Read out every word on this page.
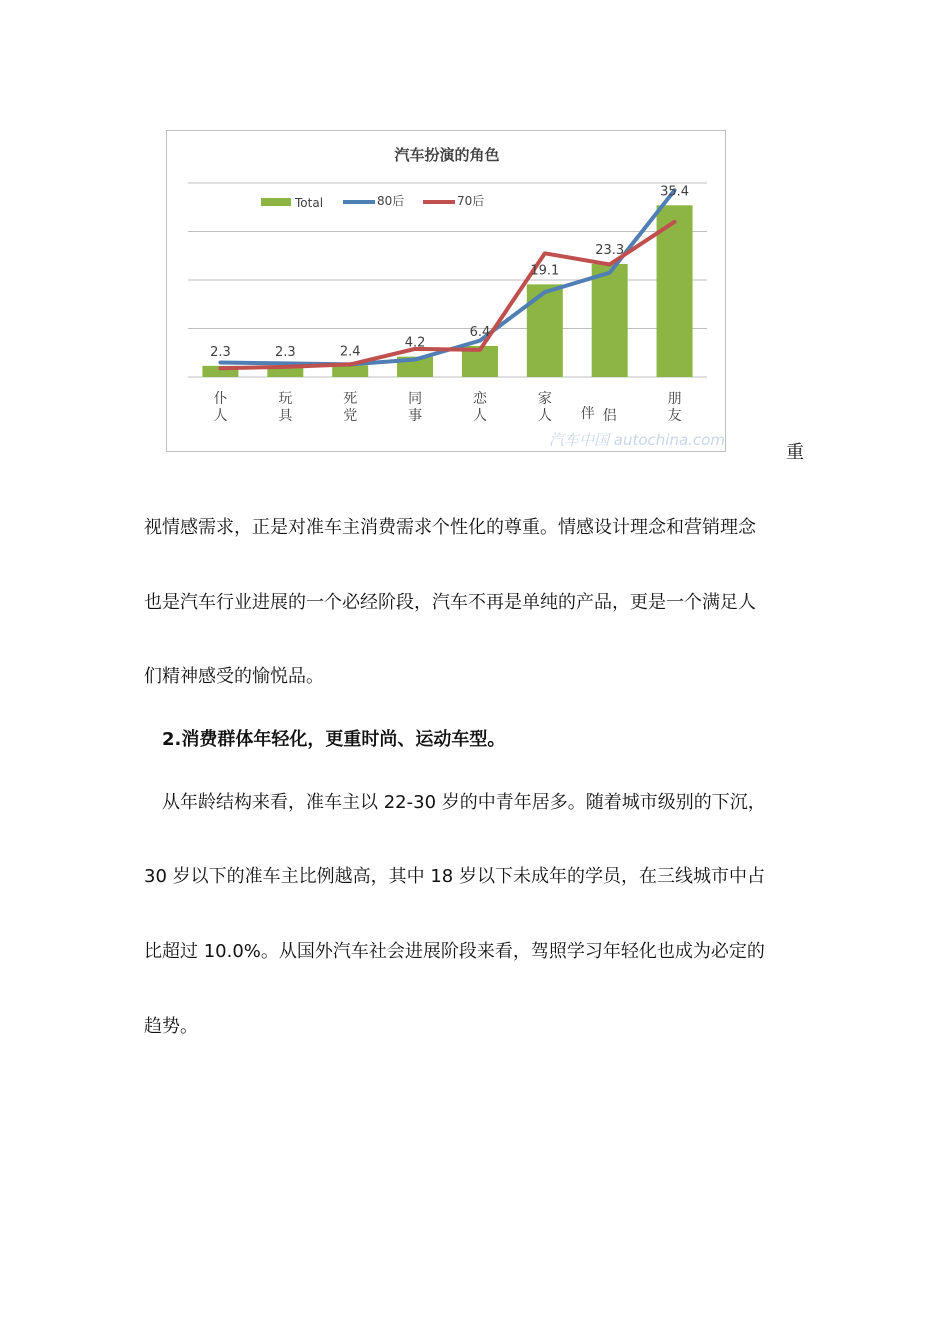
汽车扮演的角色
2.3	2.3	2.4
4.2
6.4
19.1
23.3
35.4
仆
人
玩
具
死
党
同
事
恋
人
家
人 伴 侣
朋
友
Total	80后	70后
汽车中国 autochina.com
重

视情感需求，正是对准车主消费需求个性化的尊重。情感设计理念和营销理念

也是汽车行业进展的一个必经阶段，汽车不再是单纯的产品，更是一个满足人

们精神感受的愉悦品。

2.消费群体年轻化，更重时尚、运动车型。

从年龄结构来看，准车主以 22-30 岁的中青年居多。随着城市级别的下沉，

30 岁以下的准车主比例越高，其中 18 岁以下未成年的学员，在三线城市中占

比超过 10.0%。从国外汽车社会进展阶段来看，驾照学习年轻化也成为必定的

趋势。
